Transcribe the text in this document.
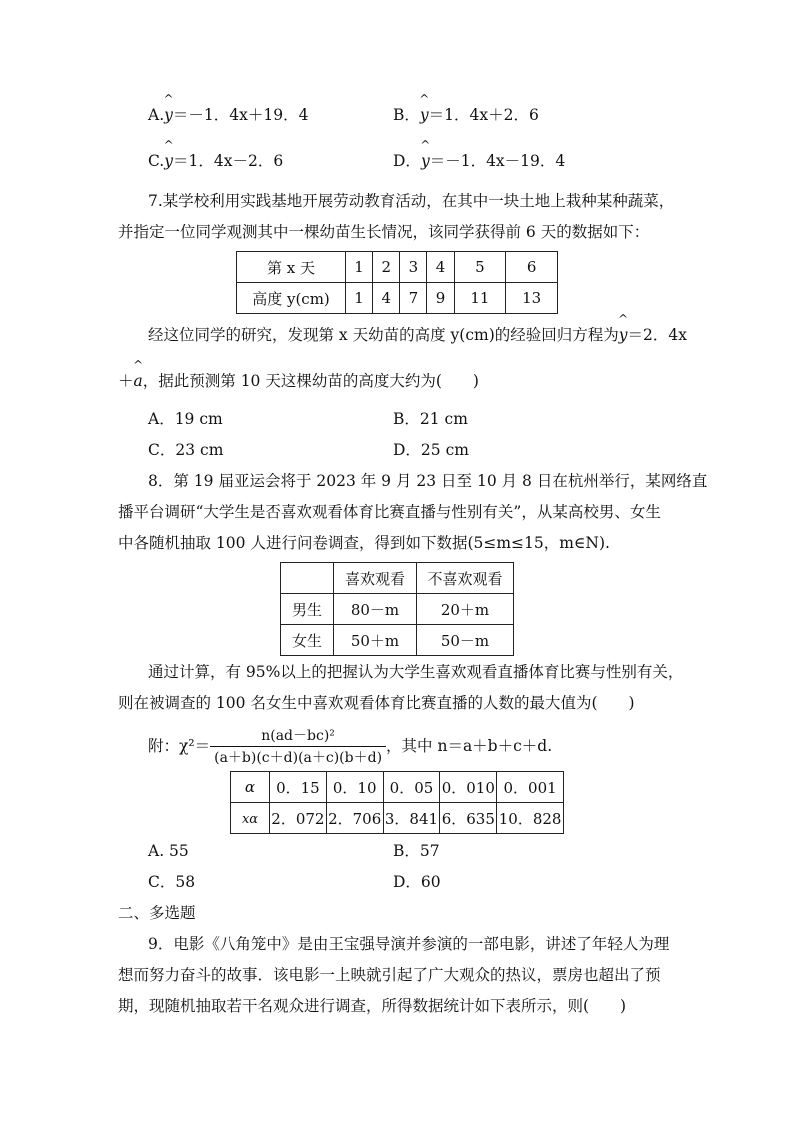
A.
^
y＝－1．4x＋19．4	B．
^
y＝1．4x＋2．6
C.
^
y＝1．4x－2．6	D．
^
y＝－1．4x－19．4
7.某学校利用实践基地开展劳动教育活动，在其中一块土地上栽种某种蔬菜，
并指定一位同学观测其中一棵幼苗生长情况，该同学获得前 6 天的数据如下：
第 x 天	1	2	3	4	5	6
高度 y(cm)	1	4	7	9	11	13
经这位同学的研究，发现第 x 天幼苗的高度 y(cm)的经验回归方程为
^
y＝2．4x
＋
^
a，据此预测第 10 天这棵幼苗的高度大约为(　　)
A．19 cm	B．21 cm
C．23 cm	D．25 cm
8．第 19 届亚运会将于 2023 年 9 月 23 日至 10 月 8 日在杭州举行，某网络直
播平台调研“大学生是否喜欢观看体育比赛直播与性别有关”，从某高校男、女生
中各随机抽取 100 人进行问卷调查，得到如下数据(5≤m≤15，m∈N).
	喜欢观看	不喜欢观看
男生	80－m	20＋m
女生	50＋m	50－m
通过计算，有 95%以上的把握认为大学生喜欢观看直播体育比赛与性别有关，
则在被调查的 100 名女生中喜欢观看体育比赛直播的人数的最大值为(　　)
附：$\chi^2= \frac{\text{n(ad－bc)²}}{(a+b)(c+d)(a+c)(b+d)}$ ，其中 n＝a＋b＋c＋d.
α	0．15	0．10	0．05	0．010	0．001
xα	2．072	2．706	3．841	6．635	10．828
A. 55	B．57
C．58	D．60
二、多选题
9．电影《八角笼中》是由王宝强导演并参演的一部电影，讲述了年轻人为理
想而努力奋斗的故事．该电影一上映就引起了广大观众的热议，票房也超出了预
期，现随机抽取若干名观众进行调查，所得数据统计如下表所示，则(　　)
